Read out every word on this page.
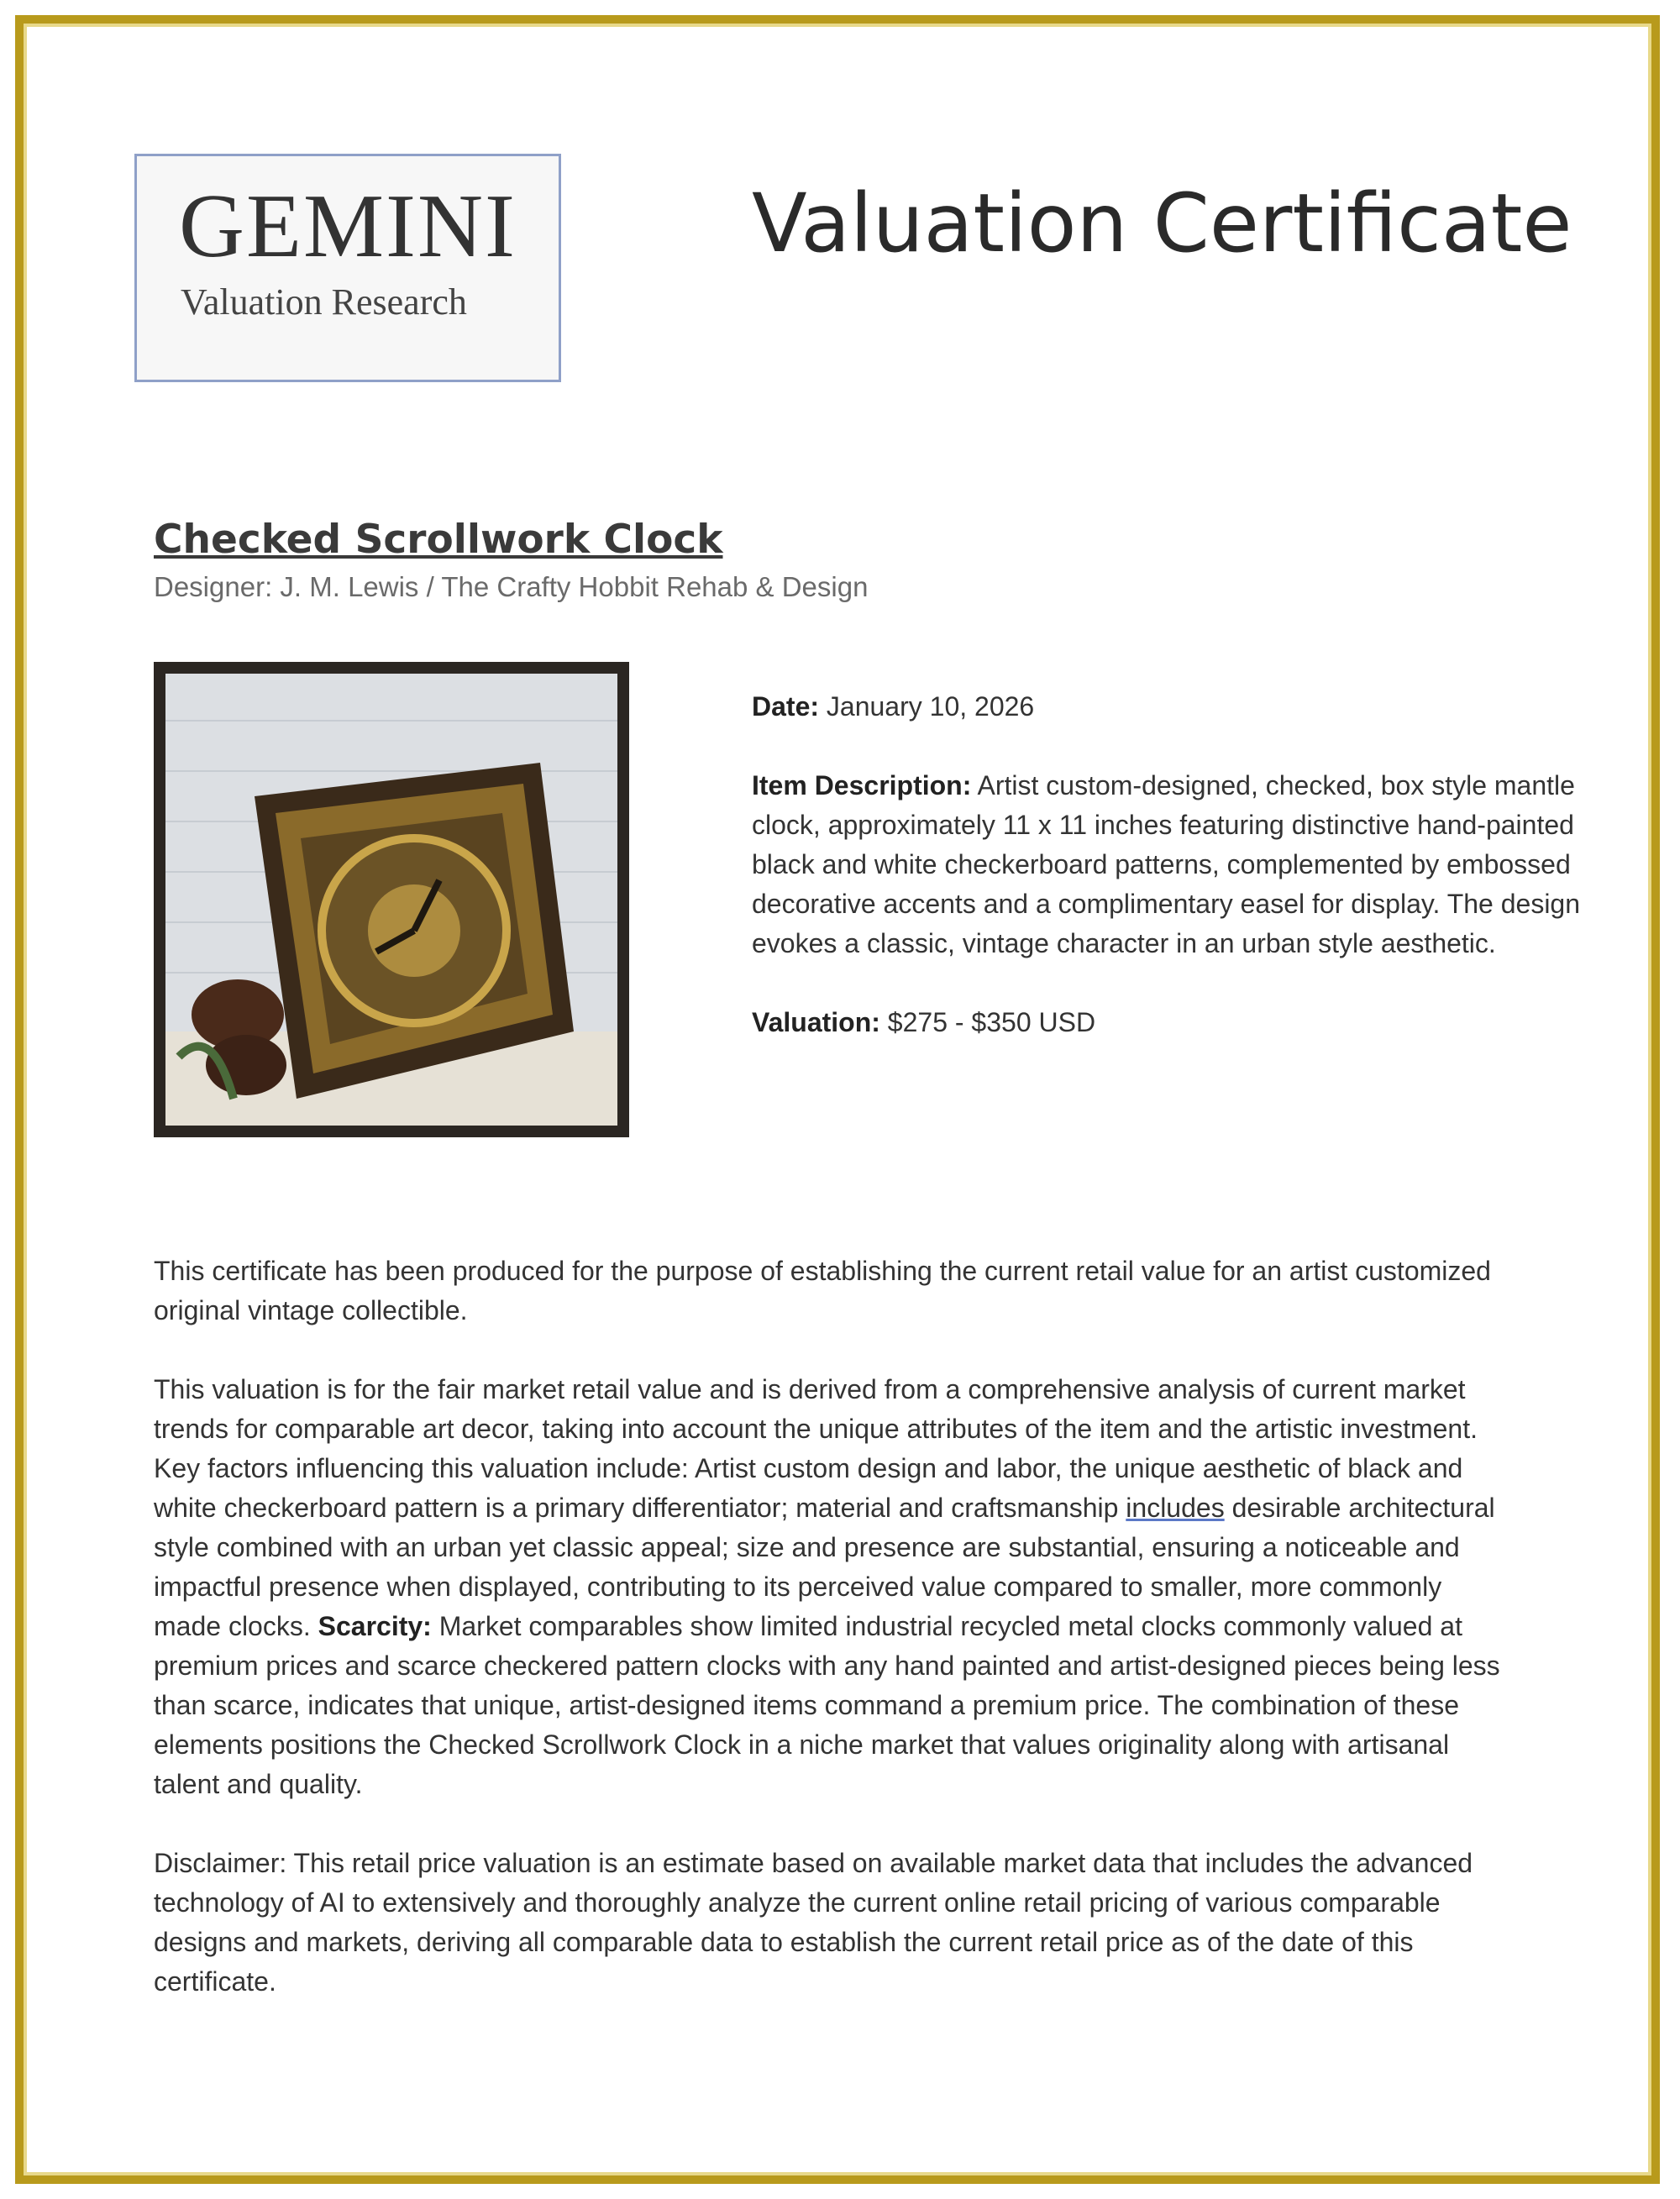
GEMINI
Valuation Research
Valuation Certificate
Checked Scrollwork Clock
Designer: J. M. Lewis / The Crafty Hobbit Rehab & Design

Date: January 10, 2026

Item Description: Artist custom-designed, checked, box style mantle clock, approximately 11 x 11 inches featuring distinctive hand-painted black and white checkerboard patterns, complemented by embossed decorative accents and a complimentary easel for display. The design evokes a classic, vintage character in an urban style aesthetic.

Valuation: $275 - $350 USD

This certificate has been produced for the purpose of establishing the current retail value for an artist customized original vintage collectible.

This valuation is for the fair market retail value and is derived from a comprehensive analysis of current market trends for comparable art decor, taking into account the unique attributes of the item and the artistic investment. Key factors influencing this valuation include: Artist custom design and labor, the unique aesthetic of black and white checkerboard pattern is a primary differentiator; material and craftsmanship includes desirable architectural style combined with an urban yet classic appeal; size and presence are substantial, ensuring a noticeable and impactful presence when displayed, contributing to its perceived value compared to smaller, more commonly made clocks. Scarcity: Market comparables show limited industrial recycled metal clocks commonly valued at premium prices and scarce checkered pattern clocks with any hand painted and artist-designed pieces being less than scarce, indicates that unique, artist-designed items command a premium price. The combination of these elements positions the Checked Scrollwork Clock in a niche market that values originality along with artisanal talent and quality.

Disclaimer: This retail price valuation is an estimate based on available market data that includes the advanced technology of AI to extensively and thoroughly analyze the current online retail pricing of various comparable designs and markets, deriving all comparable data to establish the current retail price as of the date of this certificate.
